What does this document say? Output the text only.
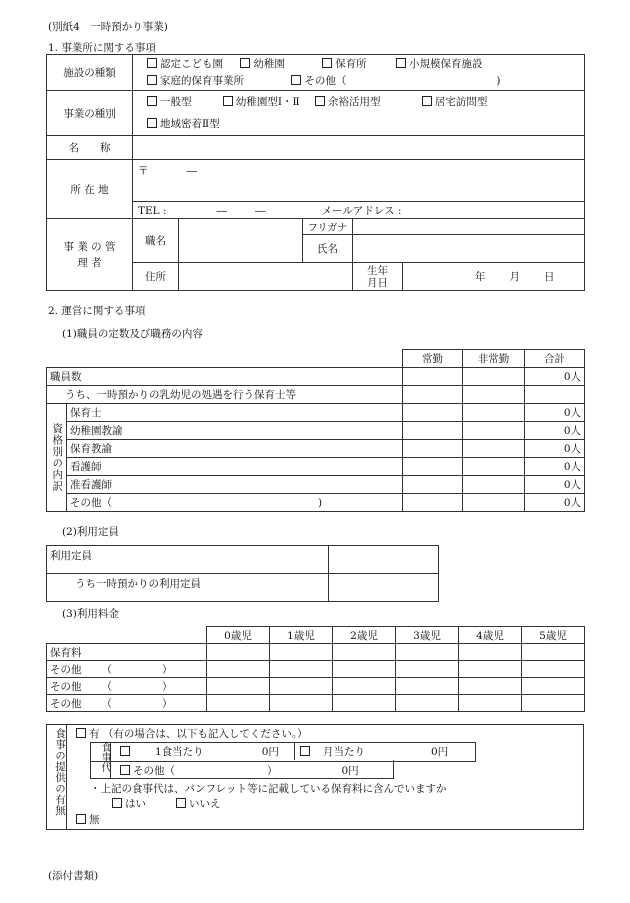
(別紙4　一時預かり事業)
1. 事業所に関する事項
施設の種類	認定こども園 幼稚園 保育所 小規模保育施設
家庭的保育事業所 その他（ )				
事業の種別	一般型 幼稚園型Ⅰ・Ⅱ 余裕活用型 居宅訪問型
地域密着Ⅱ型				
名　　称					
所 在 地	〒 ―				
	TEL : ― ― メールアドレス :				
事 業 の 管 理 者	職名		フリガナ		
			氏名		
	住所			生年
月日	年 月 日
2. 運営に関する事項
(1)職員の定数及び職務の内容
		常勤	非常勤	合計
職員数				0人
うち、一時預かりの乳幼児の処遇を行う保育士等				
資格別の内訳	保育士			0人
	幼稚園教諭			0人
	保育教諭			0人
	看護師			0人
	准看護師			0人
	その他（ )			0人
(2)利用定員
利用定員	
うち一時預かりの利用定員	
(3)利用料金
	0歳児	1歳児	2歳児	3歳児	4歳児	5歳児
保育料						
その他 （ ）						
その他 （ ）						
その他 （ ）						
食事の提供の有無	有 （有の場合は、以下も記入してください。）
食事代	1食当たり	0円	月当たり	0円
その他（	）	0円
・上記の食事代は、パンフレット等に記載している保育料に含んでいますか
はい	いいえ
無
(添付書類)
